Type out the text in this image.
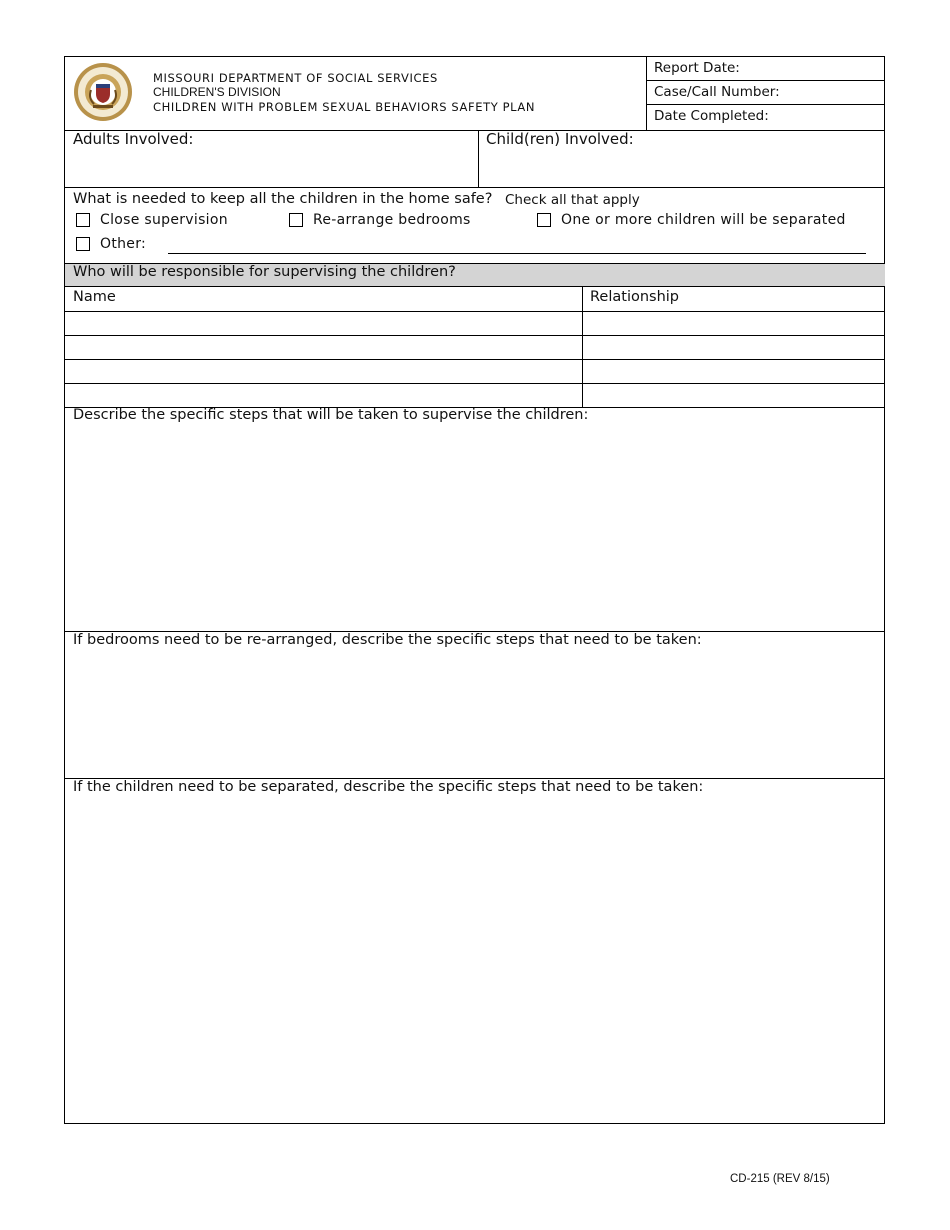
MISSOURI DEPARTMENT OF SOCIAL SERVICES
CHILDREN'S DIVISION
CHILDREN WITH PROBLEM SEXUAL BEHAVIORS SAFETY PLAN
Report Date:
Case/Call Number:
Date Completed:
Adults Involved:	Child(ren) Involved:
What is needed to keep all the children in the home safe? Check all that apply
Close supervision	Re-arrange bedrooms	One or more children will be separated
Other:
Who will be responsible for supervising the children?
Name	Relationship
Describe the specific steps that will be taken to supervise the children:
If bedrooms need to be re-arranged, describe the specific steps that need to be taken:
If the children need to be separated, describe the specific steps that need to be taken:
CD-215 (REV 8/15)
